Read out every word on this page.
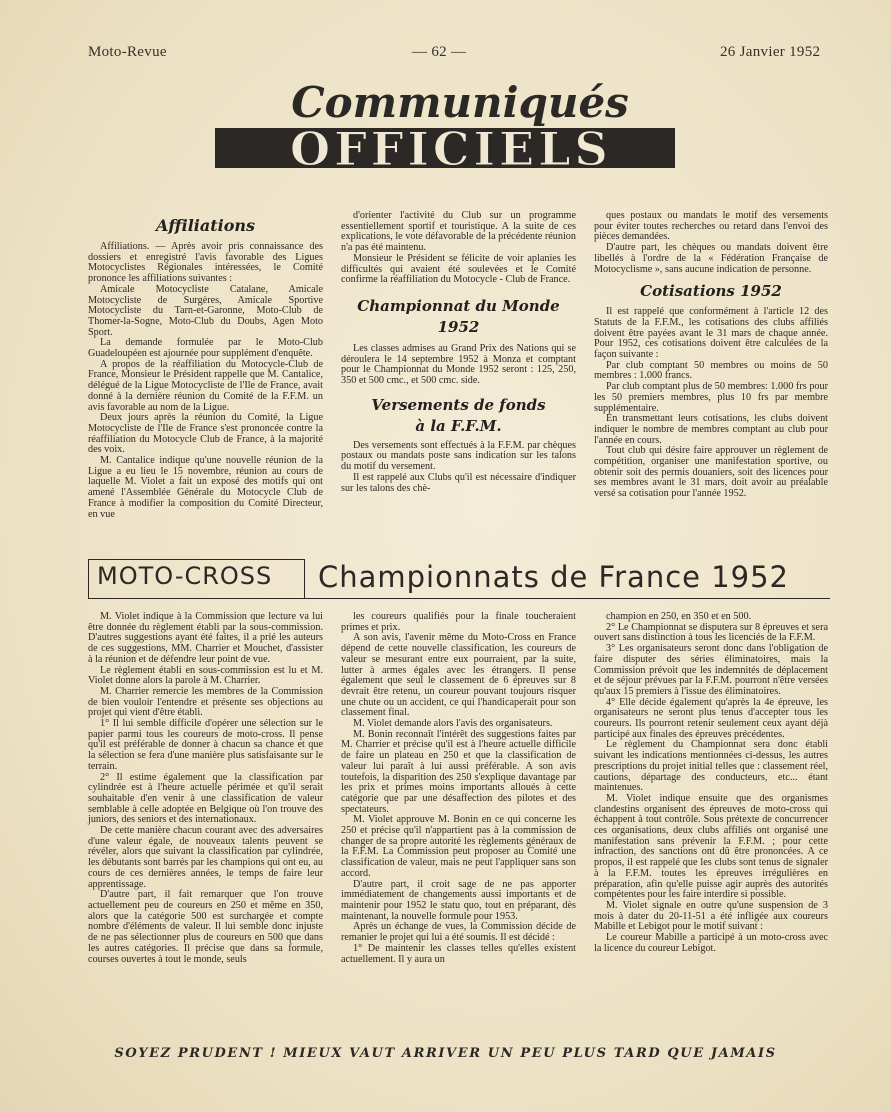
Moto-Revue	— 62 —	26 Janvier 1952
Communiqués
OFFICIELS
Affiliations

Affiliations. — Après avoir pris connaissance des dossiers et enregistré l'avis favorable des Ligues Motocyclistes Régionales intéressées, le Comité prononce les affiliations suivantes :

Amicale Motocycliste Catalane, Amicale Motocycliste de Surgères, Amicale Sportive Motocycliste du Tarn-et-Garonne, Moto-Club de Thomer-la-Sogne, Moto-Club du Doubs, Agen Moto Sport.

La demande formulée par le Moto-Club Guadeloupéen est ajournée pour supplément d'enquête.

A propos de la réaffiliation du Motocycle-Club de France, Monsieur le Président rappelle que M. Cantalice, délégué de la Ligue Motocycliste de l'Ile de France, avait donné à la dernière réunion du Comité de la F.F.M. un avis favorable au nom de la Ligue.

Deux jours après la réunion du Comité, la Ligue Motocycliste de l'Ile de France s'est prononcée contre la réaffiliation du Motocycle Club de France, à la majorité des voix.

M. Cantalice indique qu'une nouvelle réunion de la Ligue a eu lieu le 15 novembre, réunion au cours de laquelle M. Violet a fait un exposé des motifs qui ont amené l'Assemblée Générale du Motocycle Club de France à modifier la composition du Comité Directeur, en vue

d'orienter l'activité du Club sur un programme essentiellement sportif et touristique. A la suite de ces explications, le vote défavorable de la précédente réunion n'a pas été maintenu.

Monsieur le Président se félicite de voir aplanies les difficultés qui avaient été soulevées et le Comité confirme la réaffiliation du Motocycle - Club de France.

Championnat du Monde
1952

Les classes admises au Grand Prix des Nations qui se déroulera le 14 septembre 1952 à Monza et comptant pour le Championnat du Monde 1952 seront : 125, 250, 350 et 500 cmc., et 500 cmc. side.

Versements de fonds
à la F.F.M.

Des versements sont effectués à la F.F.M. par chèques postaux ou mandats poste sans indication sur les talons du motif du versement.

Il est rappelé aux Clubs qu'il est nécessaire d'indiquer sur les talons des chè-

ques postaux ou mandats le motif des versements pour éviter toutes recherches ou retard dans l'envoi des pièces demandées.

D'autre part, les chèques ou mandats doivent être libellés à l'ordre de la « Fédération Française de Motocyclisme », sans aucune indication de personne.

Cotisations 1952

Il est rappelé que conformément à l'article 12 des Statuts de la F.F.M., les cotisations des clubs affiliés doivent être payées avant le 31 mars de chaque année. Pour 1952, ces cotisations doivent être calculées de la façon suivante :

Par club comptant 50 membres ou moins de 50 membres : 1.000 francs.

Par club comptant plus de 50 membres: 1.000 frs pour les 50 premiers membres, plus 10 frs par membre supplémentaire.

En transmettant leurs cotisations, les clubs doivent indiquer le nombre de membres comptant au club pour l'année en cours.

Tout club qui désire faire approuver un règlement de compétition, organiser une manifestation sportive, ou obtenir soit des permis douaniers, soit des licences pour ses membres avant le 31 mars, doit avoir au préalable versé sa cotisation pour l'année 1952.

MOTO-CROSS Championnats de France 1952

M. Violet indique à la Commission que lecture va lui être donnée du règlement établi par la sous-commission. D'autres suggestions ayant été faites, il a prié les auteurs de ces suggestions, MM. Charrier et Mouchet, d'assister à la réunion et de défendre leur point de vue.

Le règlement établi en sous-commission est lu et M. Violet donne alors la parole à M. Charrier.

M. Charrier remercie les membres de la Commission de bien vouloir l'entendre et présente ses objections au projet qui vient d'être établi.

1° Il lui semble difficile d'opérer une sélection sur le papier parmi tous les coureurs de moto-cross. Il pense qu'il est préférable de donner à chacun sa chance et que la sélection se fera d'une manière plus satisfaisante sur le terrain.

2° Il estime également que la classification par cylindrée est à l'heure actuelle périmée et qu'il serait souhaitable d'en venir à une classification de valeur semblable à celle adoptée en Belgique où l'on trouve des juniors, des seniors et des internationaux.

De cette manière chacun courant avec des adversaires d'une valeur égale, de nouveaux talents peuvent se révéler, alors que suivant la classification par cylindrée, les débutants sont barrés par les champions qui ont eu, au cours de ces dernières années, le temps de faire leur apprentissage.

D'autre part, il fait remarquer que l'on trouve actuellement peu de coureurs en 250 et même en 350, alors que la catégorie 500 est surchargée et compte nombre d'éléments de valeur. Il lui semble donc injuste de ne pas sélectionner plus de coureurs en 500 que dans les autres catégories. Il précise que dans sa formule, courses ouvertes à tout le monde, seuls

les coureurs qualifiés pour la finale toucheraient primes et prix.

A son avis, l'avenir même du Moto-Cross en France dépend de cette nouvelle classification, les coureurs de valeur se mesurant entre eux pourraient, par la suite, lutter à armes égales avec les étrangers. Il pense également que seul le classement de 6 épreuves sur 8 devrait être retenu, un coureur pouvant toujours risquer une chute ou un accident, ce qui l'handicaperait pour son classement final.

M. Violet demande alors l'avis des organisateurs.

M. Bonin reconnaît l'intérêt des suggestions faites par M. Charrier et précise qu'il est à l'heure actuelle difficile de faire un plateau en 250 et que la classification de valeur lui paraît à lui aussi préférable. A son avis toutefois, la disparition des 250 s'explique davantage par les prix et primes moins importants alloués à cette catégorie que par une désaffection des pilotes et des spectateurs.

M. Violet approuve M. Bonin en ce qui concerne les 250 et précise qu'il n'appartient pas à la commission de changer de sa propre autorité les règlements généraux de la F.F.M. La Commission peut proposer au Comité une classification de valeur, mais ne peut l'appliquer sans son accord.

D'autre part, il croit sage de ne pas apporter immédiatement de changements aussi importants et de maintenir pour 1952 le statu quo, tout en préparant, dès maintenant, la nouvelle formule pour 1953.

Après un échange de vues, la Commission décide de remanier le projet qui lui a été soumis. Il est décidé :

1° De maintenir les classes telles qu'elles existent actuellement. Il y aura un

champion en 250, en 350 et en 500.

2° Le Championnat se disputera sur 8 épreuves et sera ouvert sans distinction à tous les licenciés de la F.F.M.

3° Les organisateurs seront donc dans l'obligation de faire disputer des séries éliminatoires, mais la Commission prévoit que les indemnités de déplacement et de séjour prévues par la F.F.M. pourront n'être versées qu'aux 15 premiers à l'issue des éliminatoires.

4° Elle décide également qu'après la 4e épreuve, les organisateurs ne seront plus tenus d'accepter tous les coureurs. Ils pourront retenir seulement ceux ayant déjà participé aux finales des épreuves précédentes.

Le règlement du Championnat sera donc établi suivant les indications mentionnées ci-dessus, les autres prescriptions du projet initial telles que : classement réel, cautions, départage des conducteurs, etc... étant maintenues.

M. Violet indique ensuite que des organismes clandestins organisent des épreuves de moto-cross qui échappent à tout contrôle. Sous prétexte de concurrencer ces organisations, deux clubs affiliés ont organisé une manifestation sans prévenir la F.F.M. ; pour cette infraction, des sanctions ont dû être prononcées. A ce propos, il est rappelé que les clubs sont tenus de signaler à la F.F.M. toutes les épreuves irrégulières en préparation, afin qu'elle puisse agir auprès des autorités compétentes pour les faire interdire si possible.

M. Violet signale en outre qu'une suspension de 3 mois à dater du 20-11-51 a été infligée aux coureurs Mabille et Lebigot pour le motif suivant :

Le coureur Mabille a participé à un moto-cross avec la licence du coureur Lebigot.

SOYEZ PRUDENT ! MIEUX VAUT ARRIVER UN PEU PLUS TARD QUE JAMAIS
